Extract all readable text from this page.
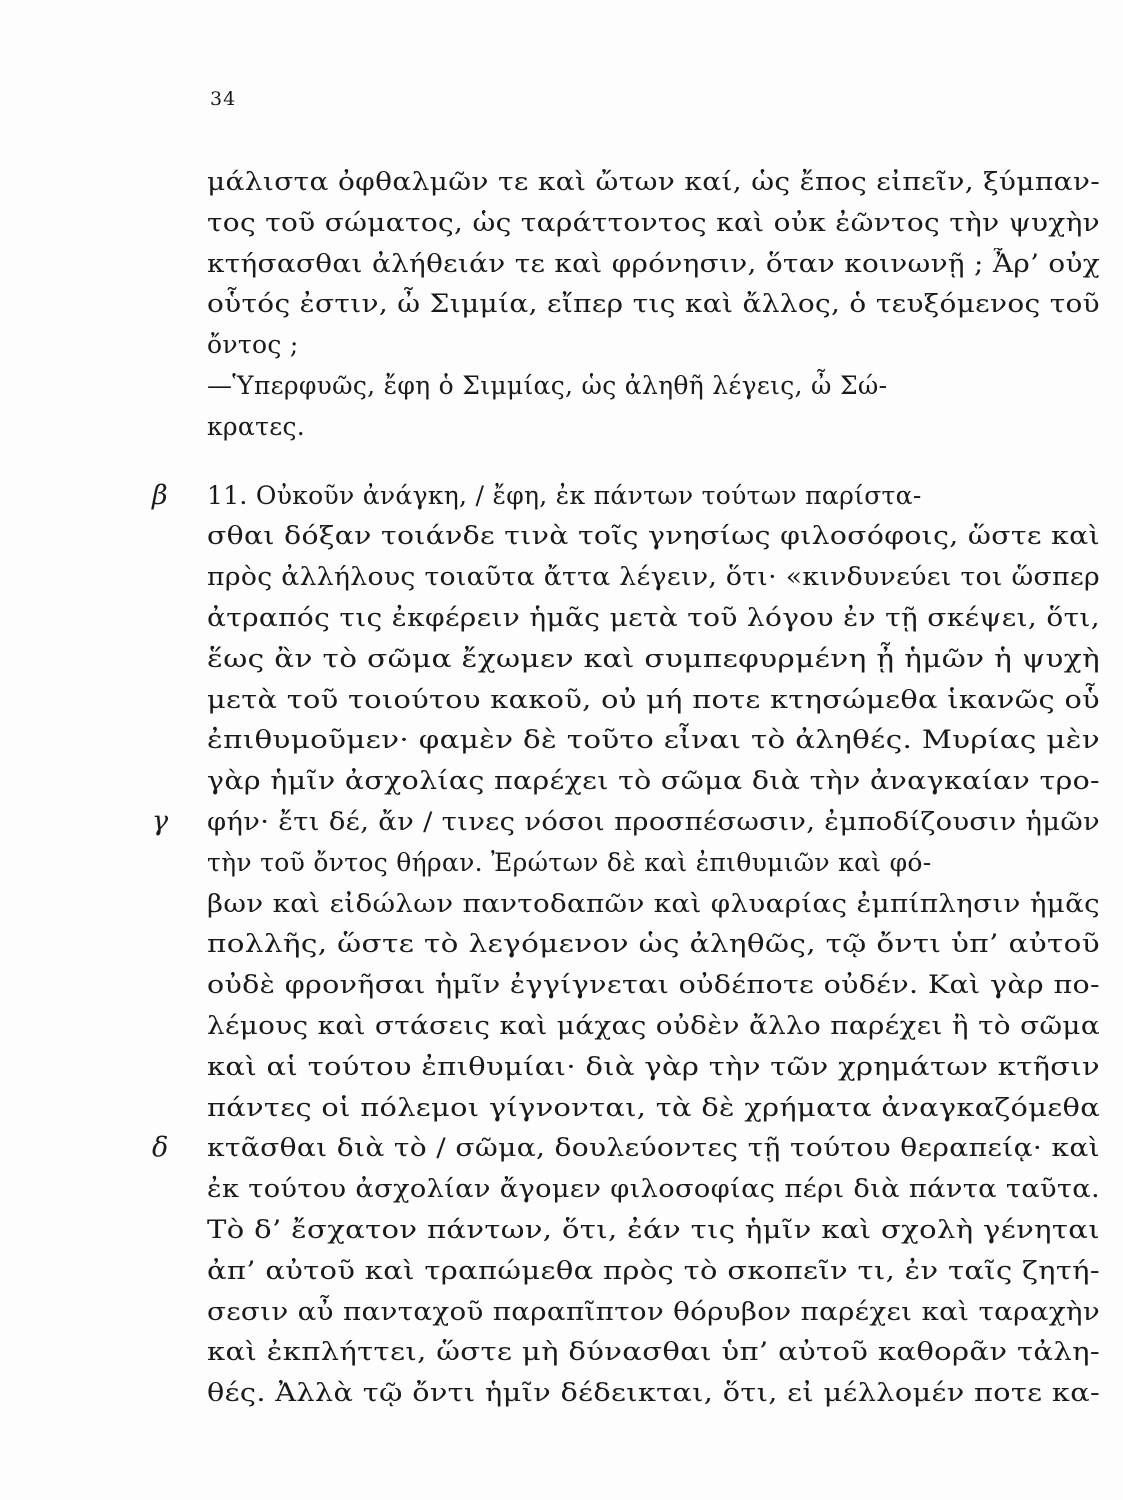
34
μάλιστα ὀφθαλμῶν τε καὶ ὤτων καί, ὡς ἔπος εἰπεῖν, ξύμπαν-
τος τοῦ σώματος, ὡς ταράττοντος καὶ οὐκ ἐῶντος τὴν ψυχὴν
κτήσασθαι ἀλήθειάν τε καὶ φρόνησιν, ὅταν κοινωνῇ ; Ἆρ’ οὐχ
οὗτός ἐστιν, ὦ Σιμμία, εἴπερ τις καὶ ἄλλος, ὁ τευξόμενος τοῦ
ὄντος ;
—Ὑπερφυῶς, ἔφη ὁ Σιμμίας, ὡς ἀληθῆ λέγεις, ὦ Σώ-
κρατες.
β 11. Οὐκοῦν ἀνάγκη, / ἔφη, ἐκ πάντων τούτων παρίστα-
σθαι δόξαν τοιάνδε τινὰ τοῖς γνησίως φιλοσόφοις, ὥστε καὶ
πρὸς ἀλλήλους τοιαῦτα ἄττα λέγειν, ὅτι· «κινδυνεύει τοι ὥσπερ
ἀτραπός τις ἐκφέρειν ἡμᾶς μετὰ τοῦ λόγου ἐν τῇ σκέψει, ὅτι,
ἕως ἂν τὸ σῶμα ἔχωμεν καὶ συμπεφυρμένη ᾖ ἡμῶν ἡ ψυχὴ
μετὰ τοῦ τοιούτου κακοῦ, οὐ μή ποτε κτησώμεθα ἱκανῶς οὗ
ἐπιθυμοῦμεν· φαμὲν δὲ τοῦτο εἶναι τὸ ἀληθές. Μυρίας μὲν
γὰρ ἡμῖν ἀσχολίας παρέχει τὸ σῶμα διὰ τὴν ἀναγκαίαν τρο-
γ φήν· ἔτι δέ, ἄν / τινες νόσοι προσπέσωσιν, ἐμποδίζουσιν ἡμῶν
τὴν τοῦ ὄντος θήραν. Ἐρώτων δὲ καὶ ἐπιθυμιῶν καὶ φό-
βων καὶ εἰδώλων παντοδαπῶν καὶ φλυαρίας ἐμπίπλησιν ἡμᾶς
πολλῆς, ὥστε τὸ λεγόμενον ὡς ἀληθῶς, τῷ ὄντι ὑπ’ αὐτοῦ
οὐδὲ φρονῆσαι ἡμῖν ἐγγίγνεται οὐδέποτε οὐδέν. Καὶ γὰρ πο-
λέμους καὶ στάσεις καὶ μάχας οὐδὲν ἄλλο παρέχει ἢ τὸ σῶμα
καὶ αἱ τούτου ἐπιθυμίαι· διὰ γὰρ τὴν τῶν χρημάτων κτῆσιν
πάντες οἱ πόλεμοι γίγνονται, τὰ δὲ χρήματα ἀναγκαζόμεθα
δ κτᾶσθαι διὰ τὸ / σῶμα, δουλεύοντες τῇ τούτου θεραπείᾳ· καὶ
ἐκ τούτου ἀσχολίαν ἄγομεν φιλοσοφίας πέρι διὰ πάντα ταῦτα.
Τὸ δ’ ἔσχατον πάντων, ὅτι, ἐάν τις ἡμῖν καὶ σχολὴ γένηται
ἀπ’ αὐτοῦ καὶ τραπώμεθα πρὸς τὸ σκοπεῖν τι, ἐν ταῖς ζητή-
σεσιν αὖ πανταχοῦ παραπῖπτον θόρυβον παρέχει καὶ ταραχὴν
καὶ ἐκπλήττει, ὥστε μὴ δύνασθαι ὑπ’ αὐτοῦ καθορᾶν τἀλη-
θές. Ἀλλὰ τῷ ὄντι ἡμῖν δέδεικται, ὅτι, εἰ μέλλομέν ποτε κα-
